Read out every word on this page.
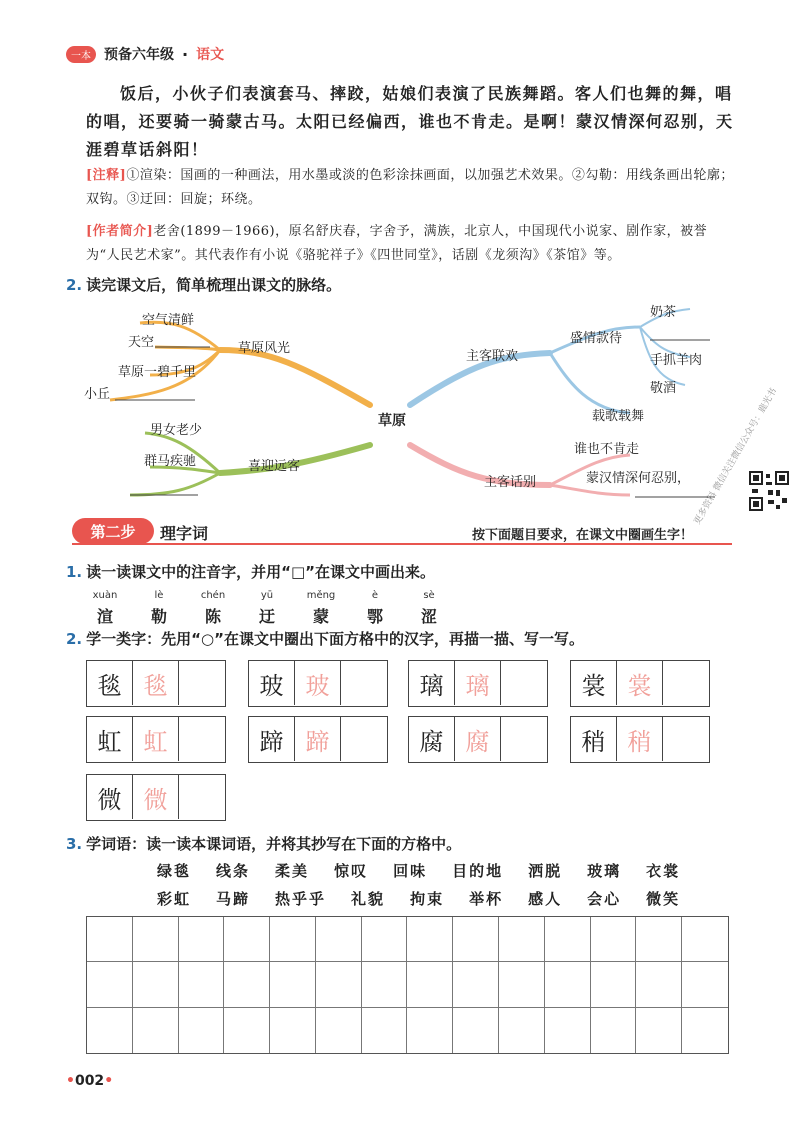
一本 预备六年级 · 语文

饭后，小伙子们表演套马、摔跤，姑娘们表演了民族舞蹈。客人们也舞的舞，唱的唱，还要骑一骑蒙古马。太阳已经偏西，谁也不肯走。是啊！蒙汉情深何忍别，天涯碧草话斜阳！

[注释]①渲染：国画的一种画法，用水墨或淡的色彩涂抹画面，以加强艺术效果。②勾勒：用线条画出轮廓；双钩。③迂回：回旋；环绕。
[作者简介]老舍(1899－1966)，原名舒庆春，字舍予，满族，北京人，中国现代小说家、剧作家，被誉为“人民艺术家”。其代表作有小说《骆驼祥子》《四世同堂》，话剧《龙须沟》《茶馆》等。
2. 读完课文后，简单梳理出课文的脉络。
空气清鲜
天空
草原一碧千里
小丘
草原风光
男女老少
群马疾驰	喜迎远客
草原
主客联欢
盛情款待
奶茶
手抓羊肉
敬酒
载歌载舞
谁也不肯走
主客话别	蒙汉情深何忍别，
第二步	理字词	按下面题目要求，在课文中圈画生字！
1. 读一读课文中的注音字，并用“□”在课文中画出来。
xuàn
渲
lè
勒
chén
陈
yū
迂
měng
蒙
è
鄂
sè
涩
2. 学一类字：先用“○”在课文中圈出下面方格中的汉字，再描一描、写一写。
毯 毯	玻 玻	璃 璃	裳 裳
虹 虹	蹄 蹄	腐 腐	稍 稍
微 微
3. 学词语：读一读本课词语，并将其抄写在下面的方格中。
绿毯 线条 柔美 惊叹 回味 目的地 洒脱 玻璃 衣裳
彩虹 马蹄 热乎乎 礼貌 拘束 举杯 感人 会心 微笑
•002•
更多资料 微信关注微信公众号：鹿光书
